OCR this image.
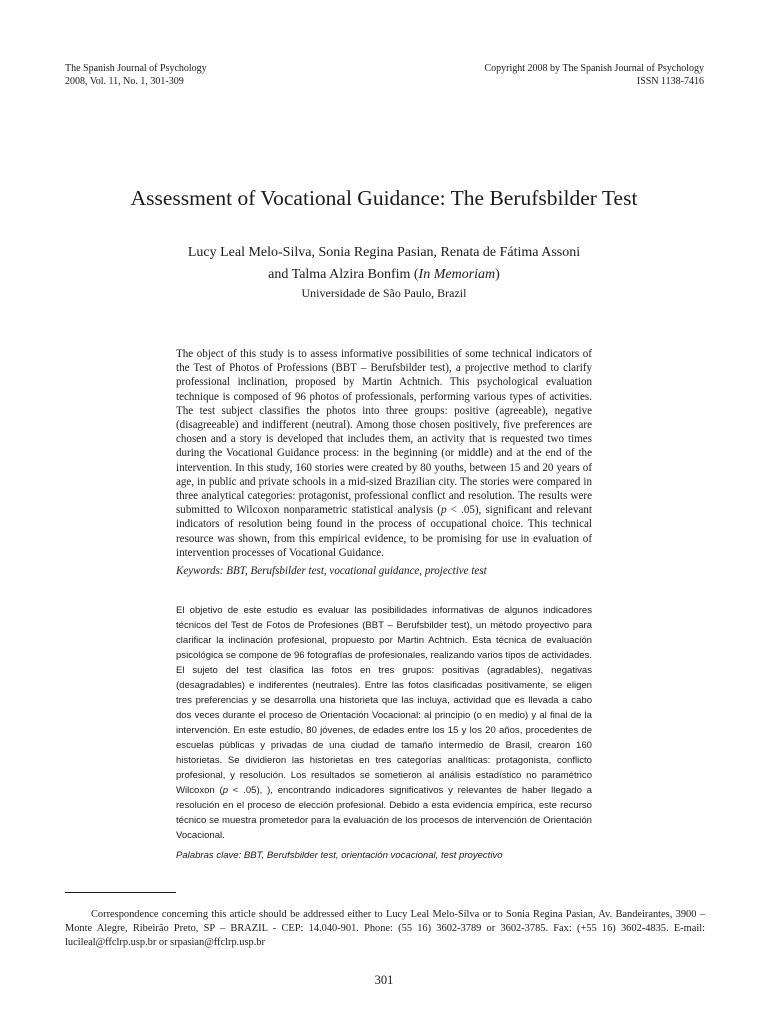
The Spanish Journal of Psychology
2008, Vol. 11, No. 1, 301-309
Copyright 2008 by The Spanish Journal of Psychology
ISSN 1138-7416
Assessment of Vocational Guidance: The Berufsbilder Test
Lucy Leal Melo-Silva, Sonia Regina Pasian, Renata de Fátima Assoni
and Talma Alzira Bonfim (In Memoriam)
Universidade de São Paulo, Brazil

The object of this study is to assess informative possibilities of some technical indicators of the Test of Photos of Professions (BBT – Berufsbilder test), a projective method to clarify professional inclination, proposed by Martin Achtnich. This psychological evaluation technique is composed of 96 photos of professionals, performing various types of activities. The test subject classifies the photos into three groups: positive (agreeable), negative (disagreeable) and indifferent (neutral). Among those chosen positively, five preferences are chosen and a story is developed that includes them, an activity that is requested two times during the Vocational Guidance process: in the beginning (or middle) and at the end of the intervention. In this study, 160 stories were created by 80 youths, between 15 and 20 years of age, in public and private schools in a mid-sized Brazilian city. The stories were compared in three analytical categories: protagonist, professional conflict and resolution. The results were submitted to Wilcoxon nonparametric statistical analysis (p < .05), significant and relevant indicators of resolution being found in the process of occupational choice. This technical resource was shown, from this empirical evidence, to be promising for use in evaluation of intervention processes of Vocational Guidance.

Keywords: BBT, Berufsbilder test, vocational guidance, projective test

El objetivo de este estudio es evaluar las posibilidades informativas de algunos indicadores técnicos del Test de Fotos de Profesiones (BBT – Berufsbilder test), un método proyectivo para clarificar la inclinación profesional, propuesto por Martin Achtnich. Esta técnica de evaluación psicológica se compone de 96 fotografías de profesionales, realizando varios tipos de actividades. El sujeto del test clasifica las fotos en tres grupos: positivas (agradables), negativas (desagradables) e indiferentes (neutrales). Entre las fotos clasificadas positivamente, se eligen tres preferencias y se desarrolla una historieta que las incluya, actividad que es llevada a cabo dos veces durante el proceso de Orientación Vocacional: al principio (o en medio) y al final de la intervención. En este estudio, 80 jóvenes, de edades entre los 15 y los 20 años, procedentes de escuelas públicas y privadas de una ciudad de tamaño intermedio de Brasil, crearon 160 historietas. Se dividieron las historietas en tres categorías analíticas: protagonista, conflicto profesional, y resolución. Los resultados se sometieron al análisis estadístico no paramétrico Wilcoxon (p < .05), ), encontrando indicadores significativos y relevantes de haber llegado a resolución en el proceso de elección profesional. Debido a esta evidencia empírica, este recurso técnico se muestra prometedor para la evaluación de los procesos de intervención de Orientación Vocacional.

Palabras clave: BBT, Berufsbilder test, orientación vocacional, test proyectivo

Correspondence concerning this article should be addressed either to Lucy Leal Melo-Silva or to Sonia Regina Pasian, Av. Bandeirantes, 3900 – Monte Alegre, Ribeirão Preto, SP – BRAZIL - CEP: 14.040-901. Phone: (55 16) 3602-3789 or 3602-3785. Fax: (+55 16) 3602-4835. E-mail: lucileal@ffclrp.usp.br or srpasian@ffclrp.usp.br

301
